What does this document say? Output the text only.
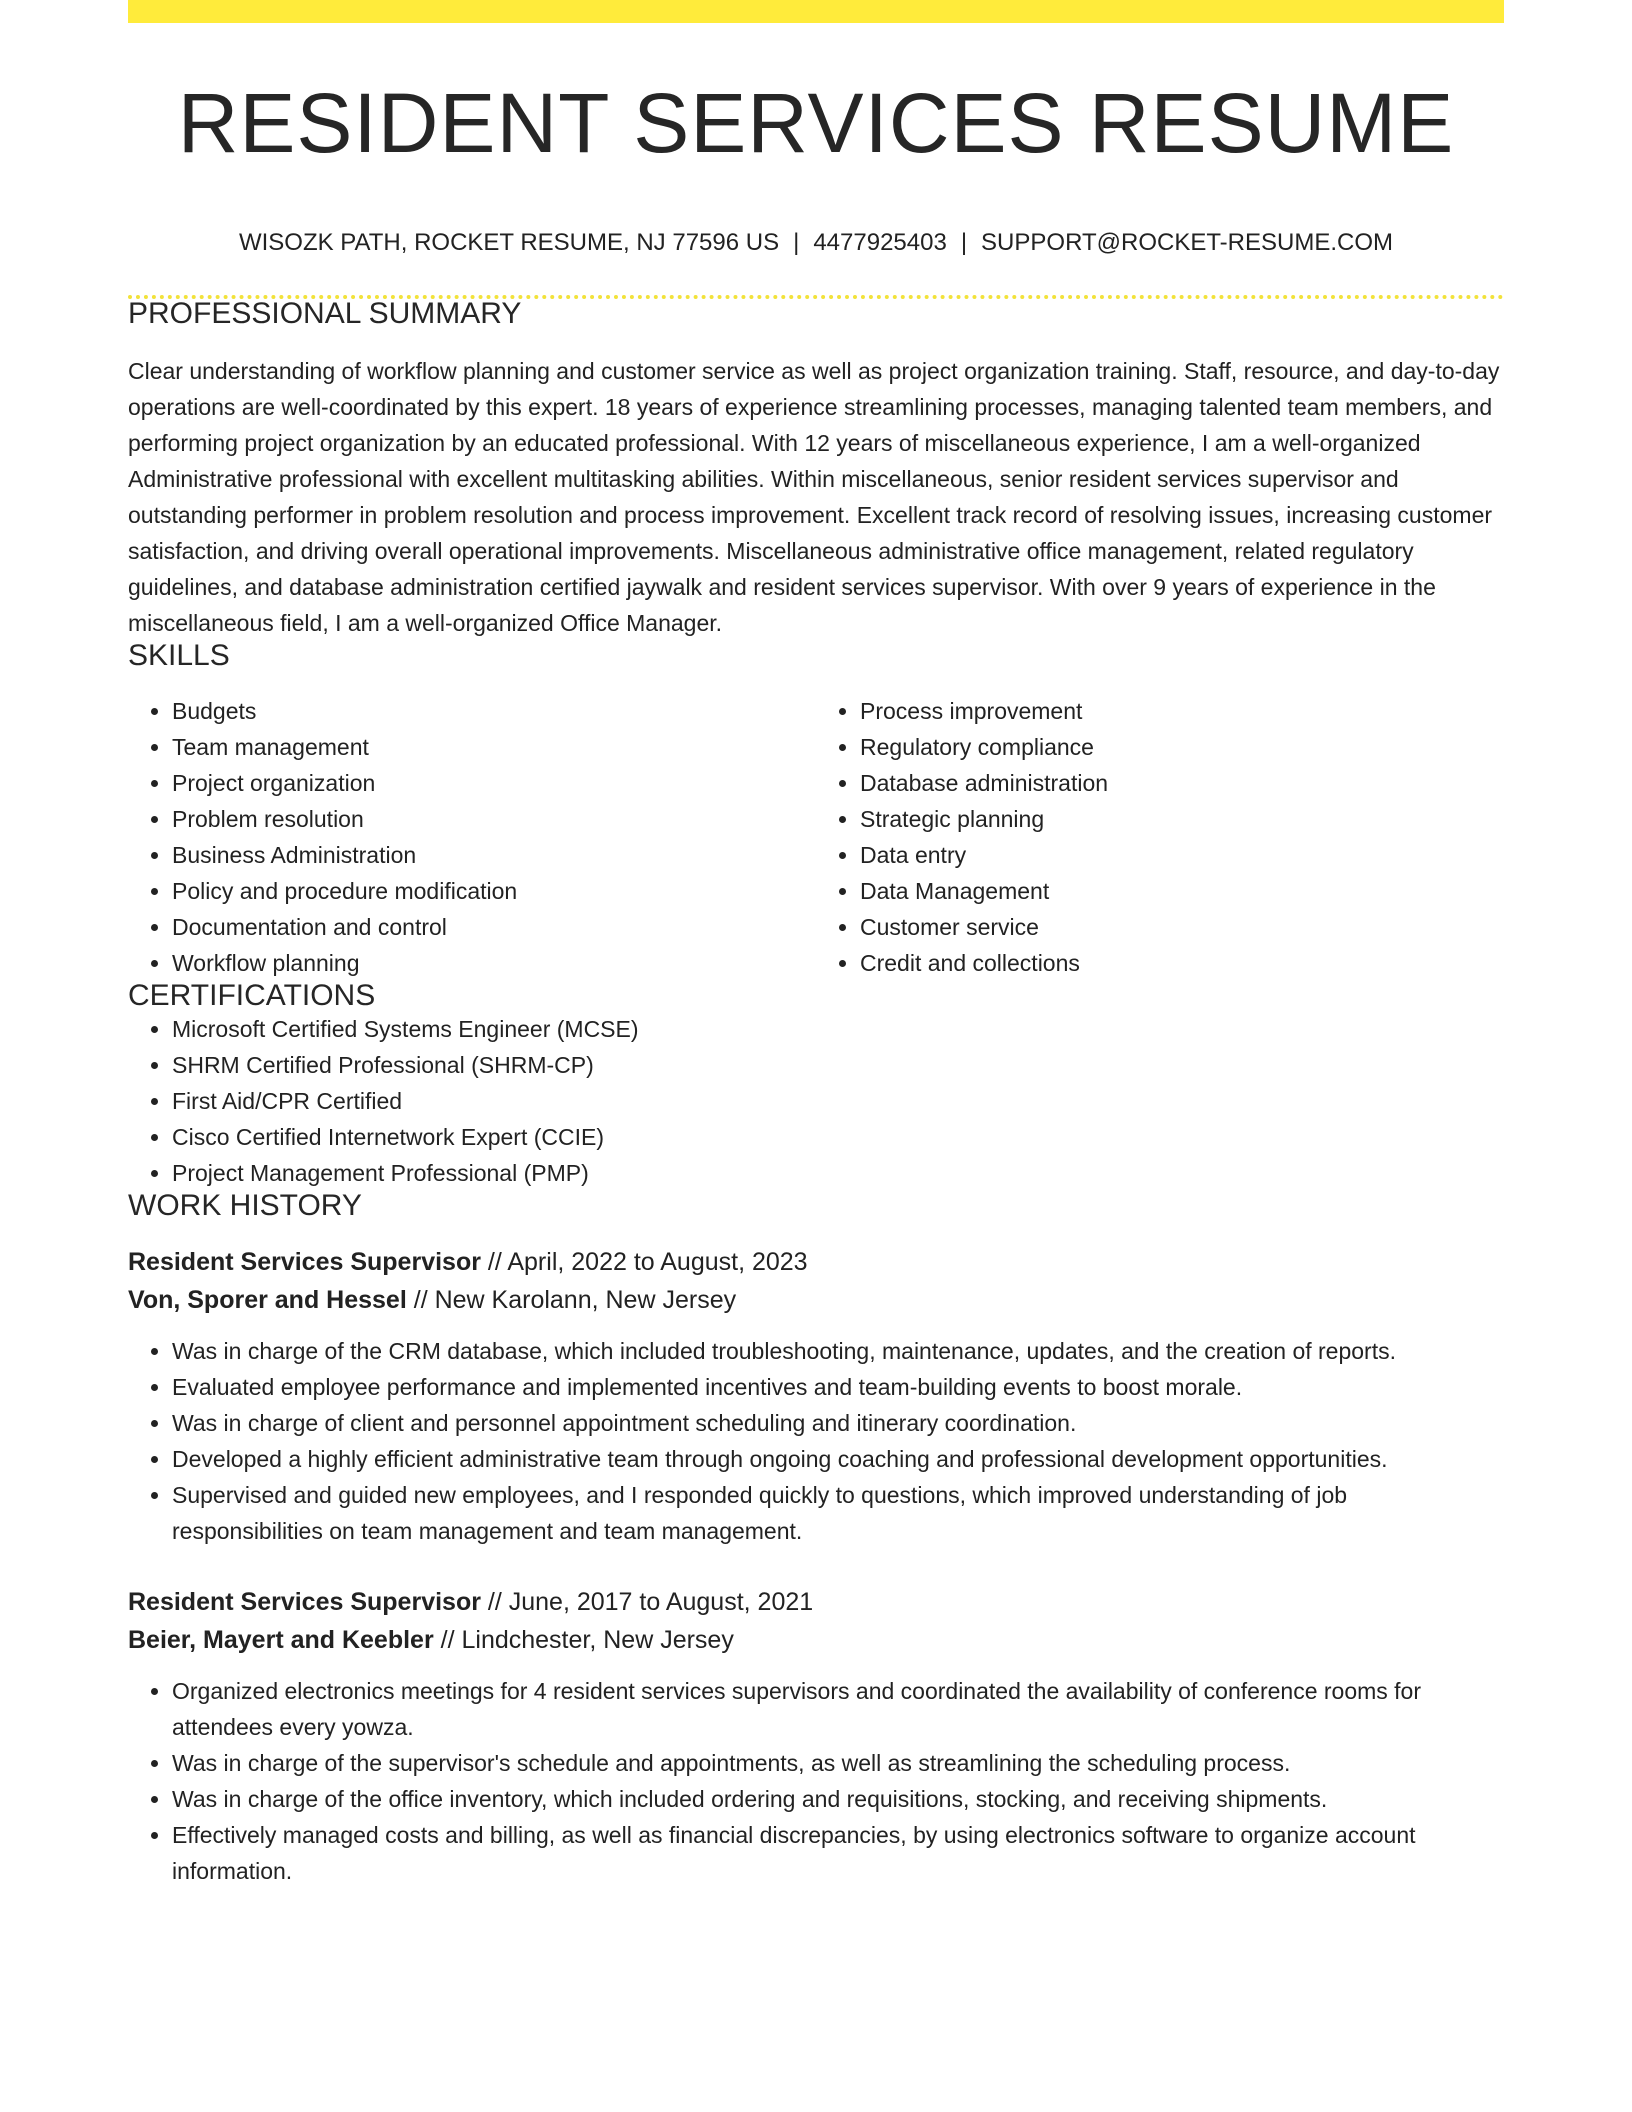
RESIDENT SERVICES RESUME
WISOZK PATH, ROCKET RESUME, NJ 77596 US | 4477925403 | SUPPORT@ROCKET-RESUME.COM
PROFESSIONAL SUMMARY

Clear understanding of workflow planning and customer service as well as project organization training. Staff, resource, and day-to-day operations are well-coordinated by this expert. 18 years of experience streamlining processes, managing talented team members, and performing project organization by an educated professional. With 12 years of miscellaneous experience, I am a well-organized Administrative professional with excellent multitasking abilities. Within miscellaneous, senior resident services supervisor and outstanding performer in problem resolution and process improvement. Excellent track record of resolving issues, increasing customer satisfaction, and driving overall operational improvements. Miscellaneous administrative office management, related regulatory guidelines, and database administration certified jaywalk and resident services supervisor. With over 9 years of experience in the miscellaneous field, I am a well-organized Office Manager.

SKILLS
• Budgets
• Team management
• Project organization
• Problem resolution
• Business Administration
• Policy and procedure modification
• Documentation and control
• Workflow planning
• Process improvement
• Regulatory compliance
• Database administration
• Strategic planning
• Data entry
• Data Management
• Customer service
• Credit and collections
CERTIFICATIONS
• Microsoft Certified Systems Engineer (MCSE)
• SHRM Certified Professional (SHRM-CP)
• First Aid/CPR Certified
• Cisco Certified Internetwork Expert (CCIE)
• Project Management Professional (PMP)
WORK HISTORY
Resident Services Supervisor // April, 2022 to August, 2023
Von, Sporer and Hessel // New Karolann, New Jersey
• Was in charge of the CRM database, which included troubleshooting, maintenance, updates, and the creation of reports.
• Evaluated employee performance and implemented incentives and team-building events to boost morale.
• Was in charge of client and personnel appointment scheduling and itinerary coordination.
• Developed a highly efficient administrative team through ongoing coaching and professional development opportunities.
• Supervised and guided new employees, and I responded quickly to questions, which improved understanding of job responsibilities on team management and team management.
Resident Services Supervisor // June, 2017 to August, 2021
Beier, Mayert and Keebler // Lindchester, New Jersey
• Organized electronics meetings for 4 resident services supervisors and coordinated the availability of conference rooms for attendees every yowza.
• Was in charge of the supervisor's schedule and appointments, as well as streamlining the scheduling process.
• Was in charge of the office inventory, which included ordering and requisitions, stocking, and receiving shipments.
• Effectively managed costs and billing, as well as financial discrepancies, by using electronics software to organize account information.
